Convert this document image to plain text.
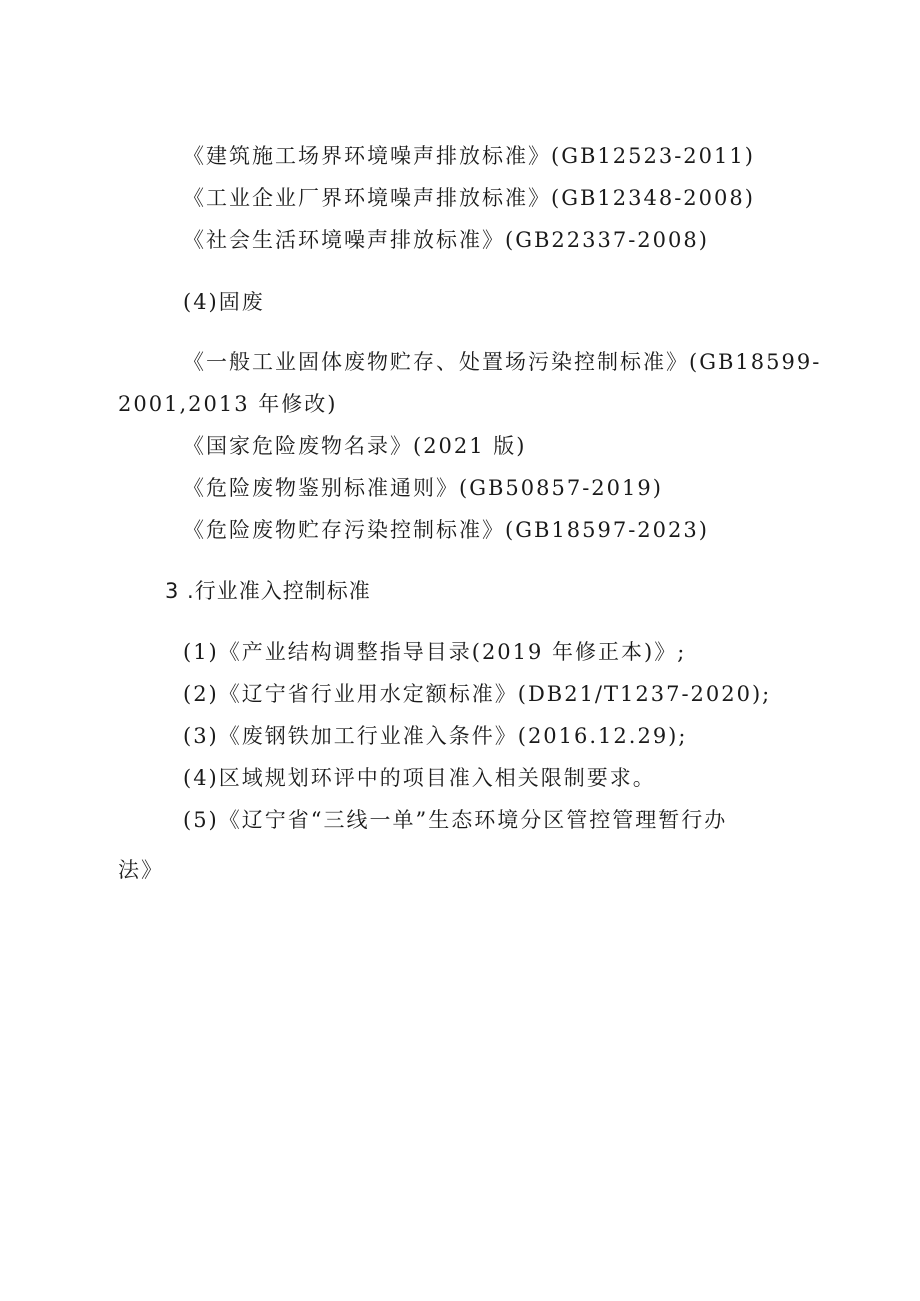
《建筑施工场界环境噪声排放标准》(GB12523-2011)
《工业企业厂界环境噪声排放标准》(GB12348-2008)
《社会生活环境噪声排放标准》(GB22337-2008)
(4)固废
《一般工业固体废物贮存、处置场污染控制标准》(GB18599-
2001,2013 年修改)
《国家危险废物名录》(2021 版)
《危险废物鉴别标准通则》(GB50857-2019)
《危险废物贮存污染控制标准》(GB18597-2023)
3 .行业准入控制标准
(1)《产业结构调整指导目录(2019 年修正本)》;
(2)《辽宁省行业用水定额标准》(DB21/T1237-2020);
(3)《废钢铁加工行业准入条件》(2016.12.29);
(4)区域规划环评中的项目准入相关限制要求。
(5)《辽宁省“三线一单”生态环境分区管控管理暂行办
法》
